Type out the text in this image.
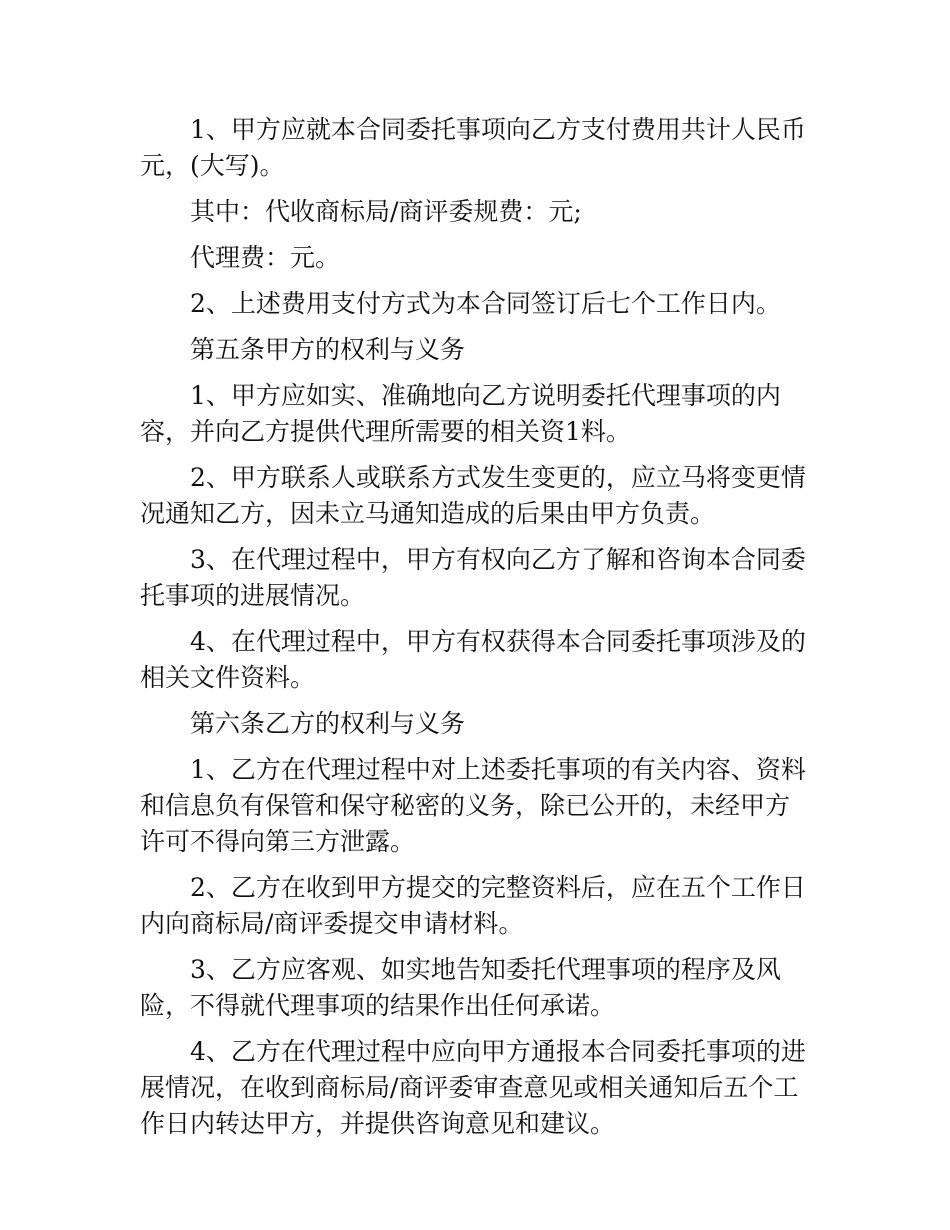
1、甲方应就本合同委托事项向乙方支付费用共计人民币元，(大写)。

其中：代收商标局/商评委规费：元;

代理费：元。

2、上述费用支付方式为本合同签订后七个工作日内。

第五条甲方的权利与义务

1、甲方应如实、准确地向乙方说明委托代理事项的内容，并向乙方提供代理所需要的相关资1料。

2、甲方联系人或联系方式发生变更的，应立马将变更情况通知乙方，因未立马通知造成的后果由甲方负责。

3、在代理过程中，甲方有权向乙方了解和咨询本合同委托事项的进展情况。

4、在代理过程中，甲方有权获得本合同委托事项涉及的相关文件资料。

第六条乙方的权利与义务

1、乙方在代理过程中对上述委托事项的有关内容、资料和信息负有保管和保守秘密的义务，除已公开的，未经甲方许可不得向第三方泄露。

2、乙方在收到甲方提交的完整资料后，应在五个工作日内向商标局/商评委提交申请材料。

3、乙方应客观、如实地告知委托代理事项的程序及风险，不得就代理事项的结果作出任何承诺。

4、乙方在代理过程中应向甲方通报本合同委托事项的进展情况，在收到商标局/商评委审查意见或相关通知后五个工作日内转达甲方，并提供咨询意见和建议。
